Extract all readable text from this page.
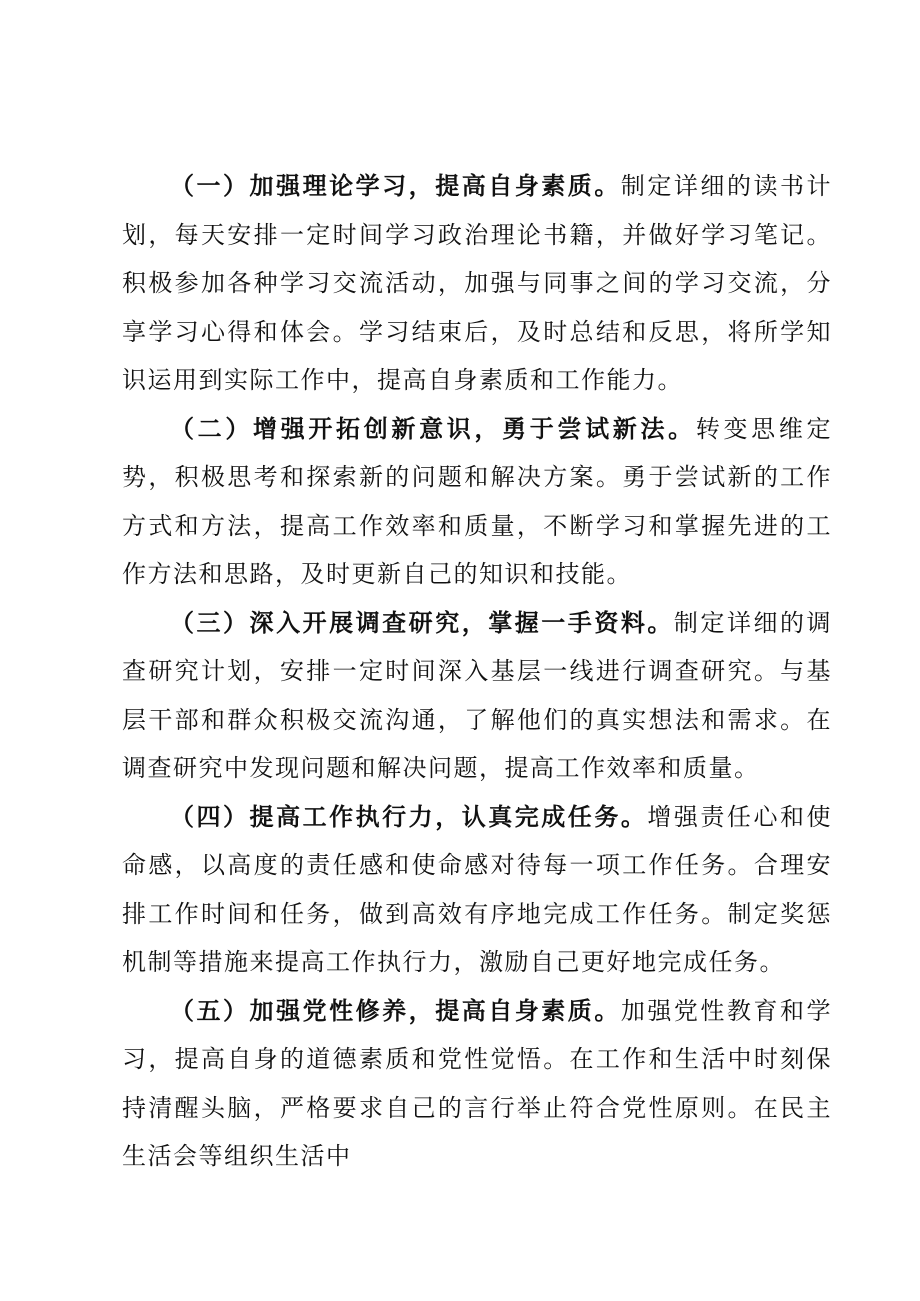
（一）加强理论学习，提高自身素质。制定详细的读书计划，每天安排一定时间学习政治理论书籍，并做好学习笔记。积极参加各种学习交流活动，加强与同事之间的学习交流，分享学习心得和体会。学习结束后，及时总结和反思，将所学知识运用到实际工作中，提高自身素质和工作能力。

（二）增强开拓创新意识，勇于尝试新法。转变思维定势，积极思考和探索新的问题和解决方案。勇于尝试新的工作方式和方法，提高工作效率和质量，不断学习和掌握先进的工作方法和思路，及时更新自己的知识和技能。

（三）深入开展调查研究，掌握一手资料。制定详细的调查研究计划，安排一定时间深入基层一线进行调查研究。与基层干部和群众积极交流沟通，了解他们的真实想法和需求。在调查研究中发现问题和解决问题，提高工作效率和质量。

（四）提高工作执行力，认真完成任务。增强责任心和使命感，以高度的责任感和使命感对待每一项工作任务。合理安排工作时间和任务，做到高效有序地完成工作任务。制定奖惩机制等措施来提高工作执行力，激励自己更好地完成任务。

（五）加强党性修养，提高自身素质。加强党性教育和学习，提高自身的道德素质和党性觉悟。在工作和生活中时刻保持清醒头脑，严格要求自己的言行举止符合党性原则。在民主生活会等组织生活中
